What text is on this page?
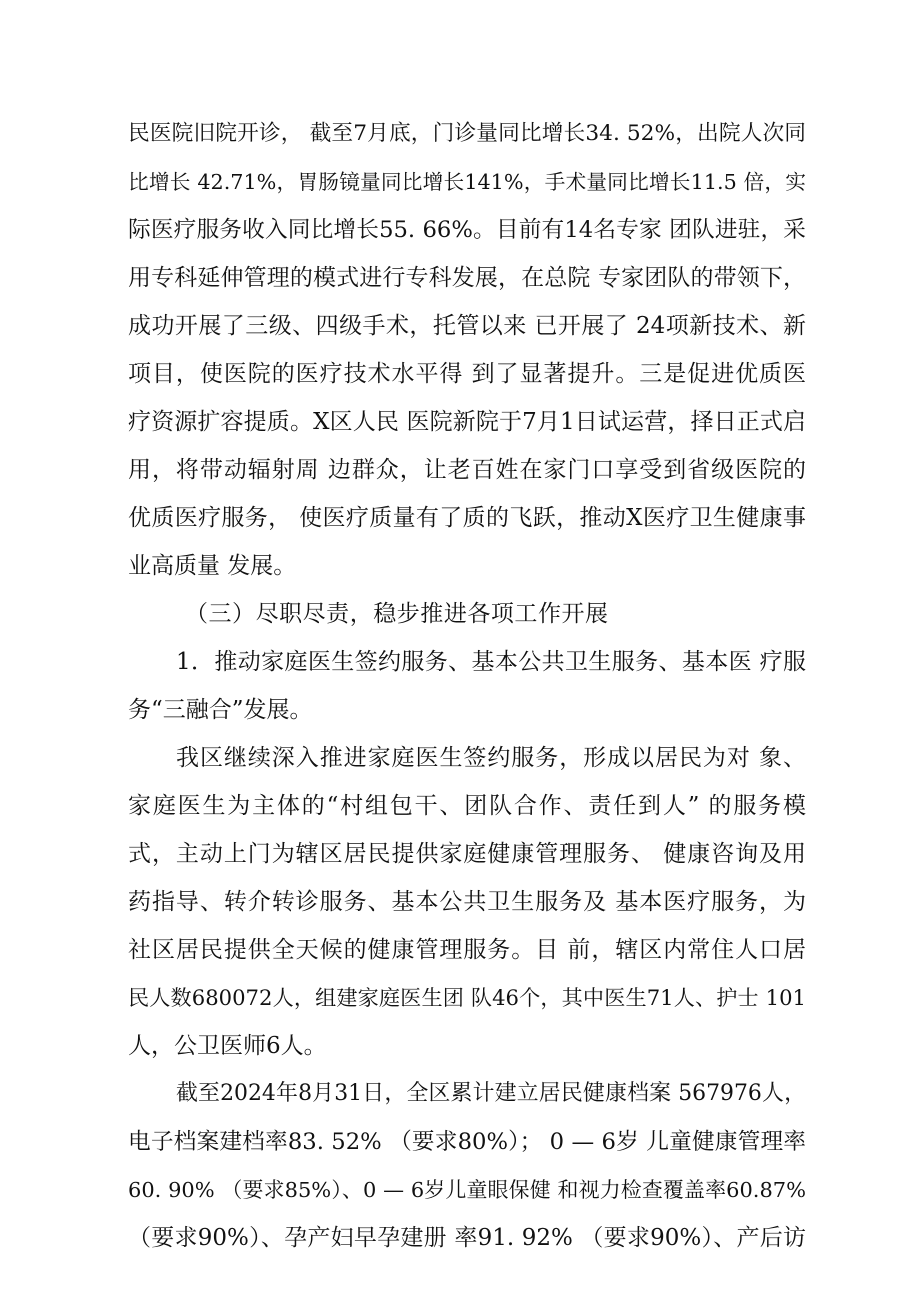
民医院旧院开诊， 截至7月底，门诊量同比增长34. 52%，出院人次同
比增长 42.71%，胃肠镜量同比增长141%，手术量同比增长11.5 倍，实
际医疗服务收入同比增长55. 66%。目前有14名专家 团队进驻，采
用专科延伸管理的模式进行专科发展，在总院 专家团队的带领下，
成功开展了三级、四级手术，托管以来 已开展了 24项新技术、新
项目，使医院的医疗技术水平得 到了显著提升。三是促进优质医
疗资源扩容提质。X区人民 医院新院于7月1日试运营，择日正式启
用，将带动辐射周 边群众，让老百姓在家门口享受到省级医院的
优质医疗服务， 使医疗质量有了质的飞跃，推动X医疗卫生健康事
业高质量 发展。
（三）尽职尽责，稳步推进各项工作开展
1．推动家庭医生签约服务、基本公共卫生服务、基本医 疗服
务“三融合”发展。
我区继续深入推进家庭医生签约服务，形成以居民为对 象、
家庭医生为主体的“村组包干、团队合作、责任到人” 的服务模
式，主动上门为辖区居民提供家庭健康管理服务、 健康咨询及用
药指导、转介转诊服务、基本公共卫生服务及 基本医疗服务，为
社区居民提供全天候的健康管理服务。目 前，辖区内常住人口居
民人数680072人，组建家庭医生团 队46个，其中医生71人、护士 101
人，公卫医师6人。
截至2024年8月31日，全区累计建立居民健康档案 567976人，
电子档案建档率83. 52% （要求80%）； 0 — 6岁 儿童健康管理率
60. 90% （要求85%）、0 — 6岁儿童眼保健 和视力检查覆盖率60.87%
（要求90%）、孕产妇早孕建册 率91. 92% （要求90%）、产后访
